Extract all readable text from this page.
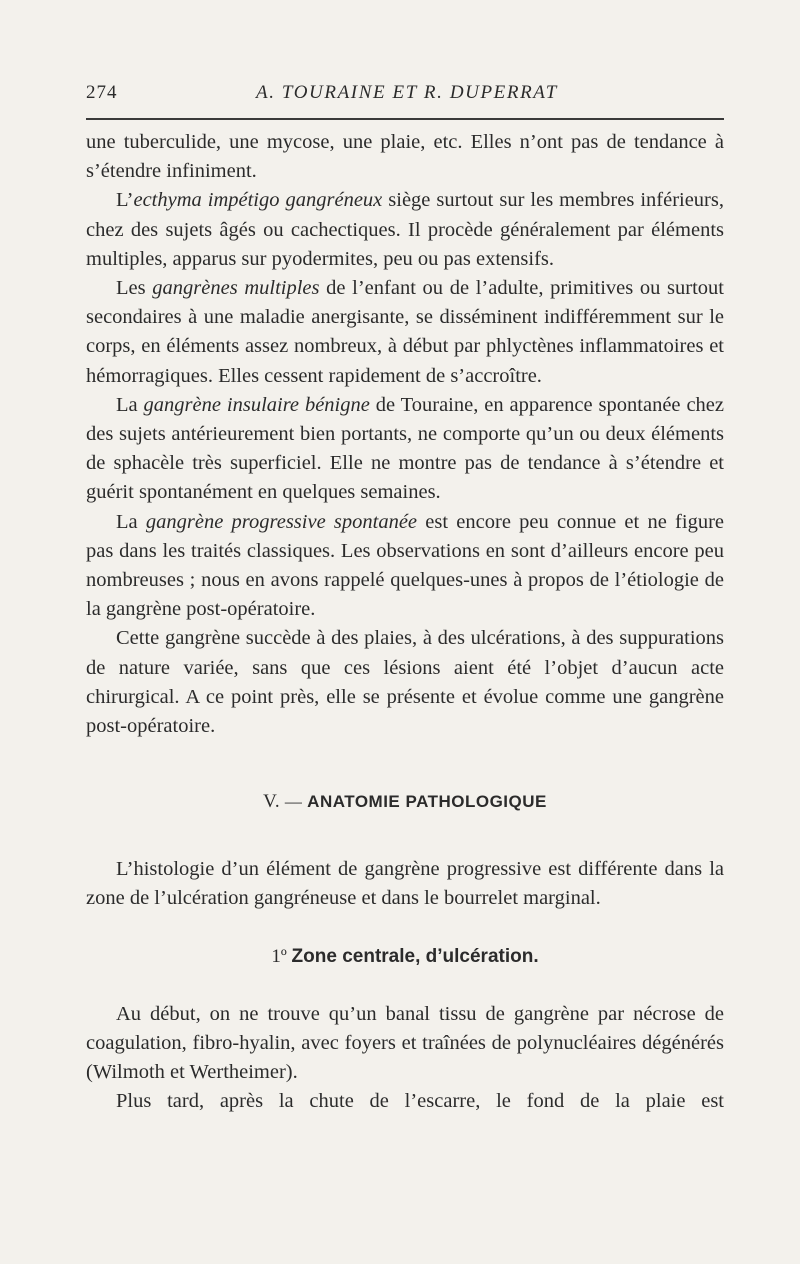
274	A. TOURAINE ET R. DUPERRAT

une tuberculide, une mycose, une plaie, etc. Elles n’ont pas de tendance à s’étendre infiniment.

L’ecthyma impétigo gangréneux siège surtout sur les membres inférieurs, chez des sujets âgés ou cachectiques. Il procède généralement par éléments multiples, apparus sur pyodermites, peu ou pas extensifs.

Les gangrènes multiples de l’enfant ou de l’adulte, primitives ou surtout secondaires à une maladie anergisante, se disséminent indifféremment sur le corps, en éléments assez nombreux, à début par phlyctènes inflammatoires et hémorragiques. Elles cessent rapidement de s’accroître.

La gangrène insulaire bénigne de Touraine, en apparence spontanée chez des sujets antérieurement bien portants, ne comporte qu’un ou deux éléments de sphacèle très superficiel. Elle ne montre pas de tendance à s’étendre et guérit spontanément en quelques semaines.

La gangrène progressive spontanée est encore peu connue et ne figure pas dans les traités classiques. Les observations en sont d’ailleurs encore peu nombreuses ; nous en avons rappelé quelques-unes à propos de l’étiologie de la gangrène post-opératoire.

Cette gangrène succède à des plaies, à des ulcérations, à des suppurations de nature variée, sans que ces lésions aient été l’objet d’aucun acte chirurgical. A ce point près, elle se présente et évolue comme une gangrène post-opératoire.

V. — ANATOMIE PATHOLOGIQUE

L’histologie d’un élément de gangrène progressive est différente dans la zone de l’ulcération gangréneuse et dans le bourrelet marginal.

1º Zone centrale, d’ulcération.

Au début, on ne trouve qu’un banal tissu de gangrène par nécrose de coagulation, fibro-hyalin, avec foyers et traînées de polynucléaires dégénérés (Wilmoth et Wertheimer).

Plus tard, après la chute de l’escarre, le fond de la plaie est
